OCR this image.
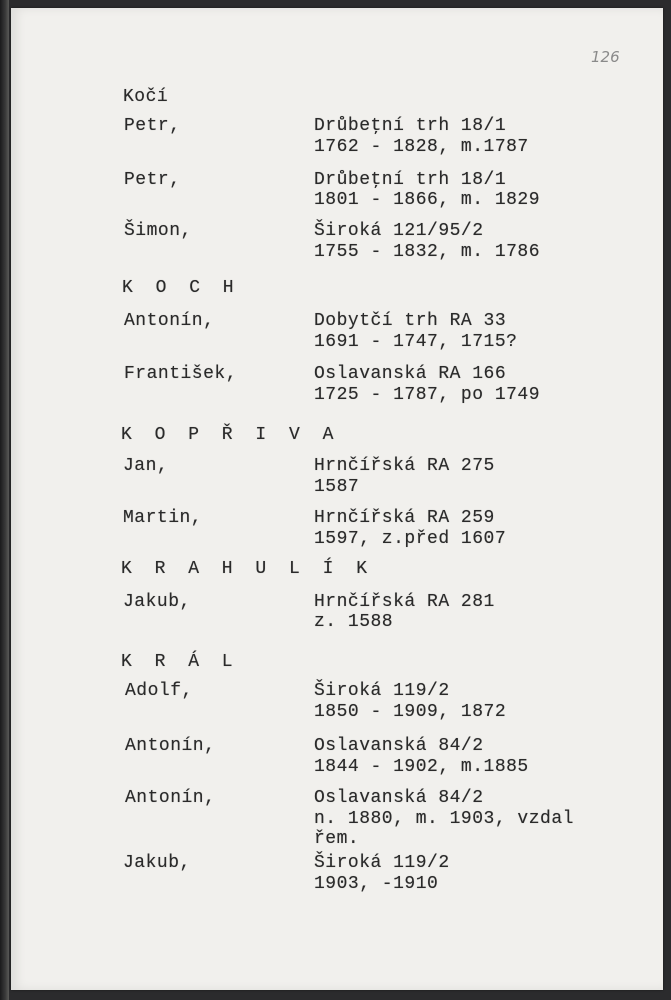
126
Kočí
Petr,	Drůbeţní trh 18/1
1762 - 1828, m.1787
Petr,	Drůbeţní trh 18/1
1801 - 1866, m. 1829
Šimon,	Široká 121/95/2
1755 - 1832, m. 1786
K O C H
Antonín,	Dobytčí trh RA 33
1691 - 1747, 1715?
František,	Oslavanská RA 166
1725 - 1787, po 1749
K O P Ř I V A
Jan,	Hrnčířská RA 275
1587
Martin,	Hrnčířská RA 259
1597, z.před 1607
K R A H U L Í K
Jakub,	Hrnčířská RA 281
z. 1588
K R Á L
Adolf,	Široká 119/2
1850 - 1909, 1872
Antonín,	Oslavanská 84/2
1844 - 1902, m.1885
Antonín,	Oslavanská 84/2
n. 1880, m. 1903, vzdal
řem.
Jakub,	Široká 119/2
1903, -1910
